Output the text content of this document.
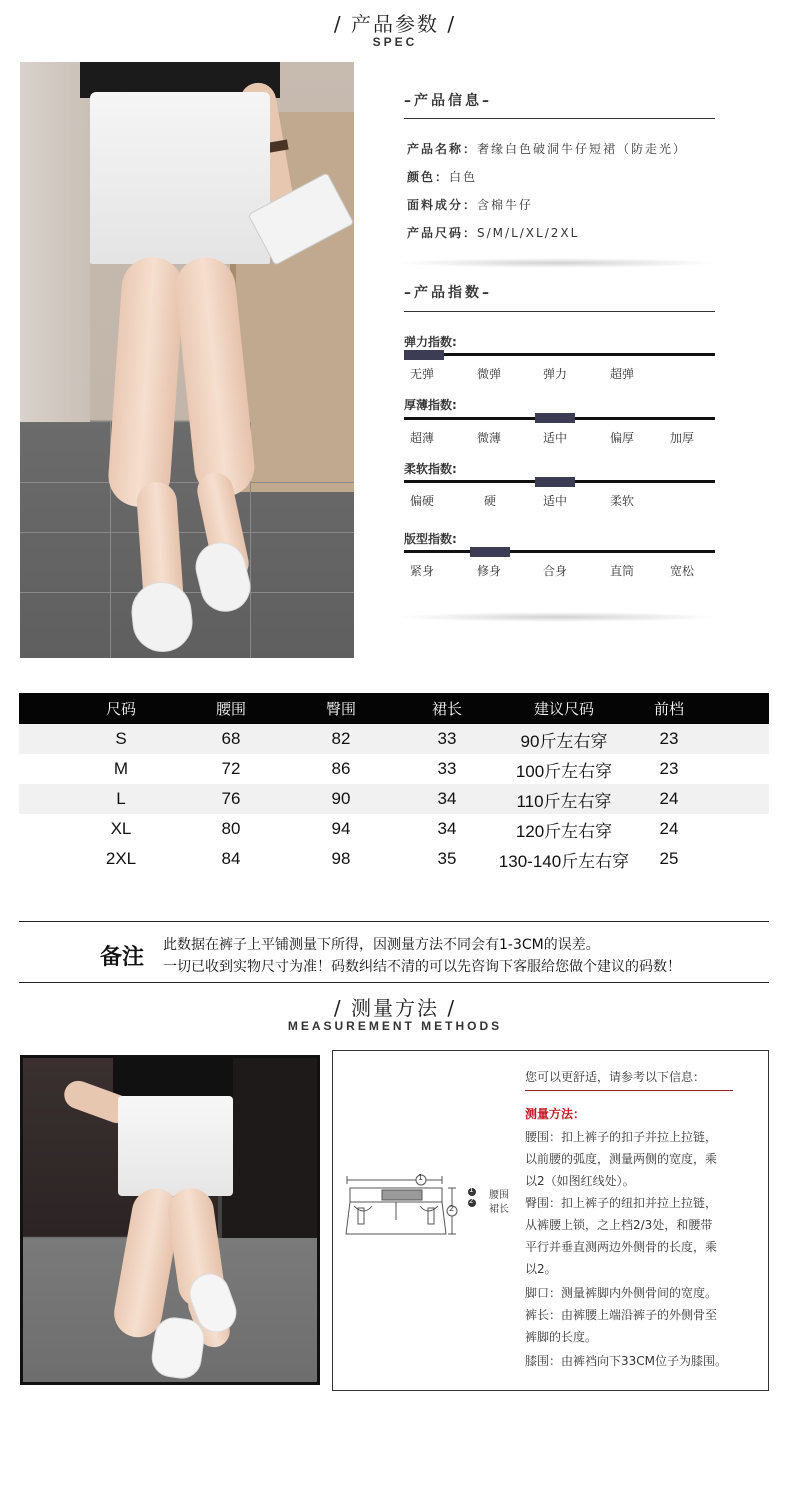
/ 产品参数 /
SPEC
–产品信息–
产品名称：奢缘白色破洞牛仔短裙（防走光）
颜色：白色
面料成分：含棉牛仔
产品尺码：S/M/L/XL/2XL
–产品指数–
弹力指数:
无弹	微弹	弹力	超弹
厚薄指数:
超薄	微薄	适中	偏厚	加厚
柔软指数:
偏硬	硬	适中	柔软
版型指数:
紧身	修身	合身	直筒	宽松
尺码	腰围	臀围	裙长	建议尺码	前档
S	68	82	33	90斤左右穿	23
M	72	86	33	100斤左右穿	23
L	76	90	34	110斤左右穿	24
XL	80	94	34	120斤左右穿	24
2XL	84	98	35	130-140斤左右穿	25
备注 此数据在裤子上平铺测量下所得，因测量方法不同会有1-3CM的误差。
一切已收到实物尺寸为准！码数纠结不清的可以先咨询下客服给您做个建议的码数！
/ 测量方法 /
MEASUREMENT METHODS
1
2
1
2 腰围
裙长
您可以更舒适，请参考以下信息：
测量方法：
腰围：扣上裤子的扣子并拉上拉链，
以前腰的弧度，测量两侧的宽度，乘
以2（如图红线处）。
臀围：扣上裤子的纽扣并拉上拉链，
从裤腰上锁，之上档2/3处，和腰带
平行并垂直测两边外侧骨的长度，乘
以2。
脚口：测量裤脚内外侧骨间的宽度。
裤长：由裤腰上端沿裤子的外侧骨至
裤脚的长度。
膝围：由裤裆向下33CM位子为膝围。
